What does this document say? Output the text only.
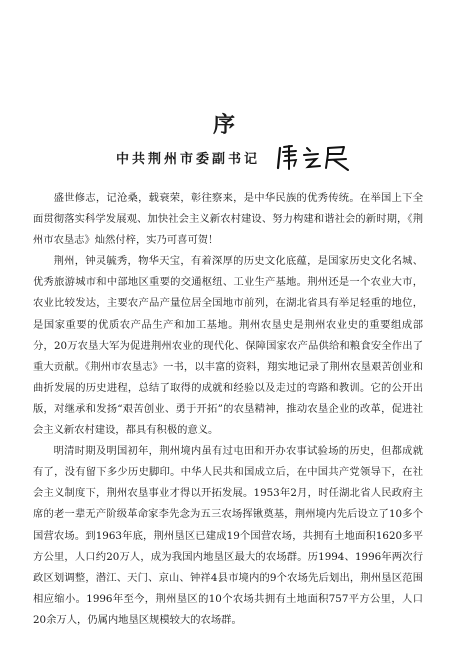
序
中共荆州市委副书记

盛世修志，记沧桑，载衰荣，彰往察来，是中华民族的优秀传统。在举国上下全面贯彻落实科学发展观、加快社会主义新农村建设、努力构建和谐社会的新时期，《荆州市农垦志》灿然付梓，实乃可喜可贺！

荆州，钟灵毓秀，物华天宝，有着深厚的历史文化底蕴，是国家历史文化名城、优秀旅游城市和中部地区重要的交通枢纽、工业生产基地。荆州还是一个农业大市，农业比较发达，主要农产品产量位居全国地市前列，在湖北省具有举足轻重的地位，是国家重要的优质农产品生产和加工基地。荆州农垦史是荆州农业史的重要组成部分，20万农垦大军为促进荆州农业的现代化、保障国家农产品供给和粮食安全作出了重大贡献。《荆州市农垦志》一书，以丰富的资料，翔实地记录了荆州农垦艰苦创业和曲折发展的历史进程，总结了取得的成就和经验以及走过的弯路和教训。它的公开出版，对继承和发扬“艰苦创业、勇于开拓”的农垦精神，推动农垦企业的改革，促进社会主义新农村建设，都具有积极的意义。

明清时期及明国初年，荆州境内虽有过屯田和开办农事试验场的历史，但都成就有了，没有留下多少历史脚印。中华人民共和国成立后，在中国共产党领导下，在社会主义制度下，荆州农垦事业才得以开拓发展。1953年2月，时任湖北省人民政府主席的老一辈无产阶级革命家李先念为五三农场挥锹奠基，荆州境内先后设立了10多个国营农场。到1963年底，荆州垦区已建成19个国营农场，共拥有土地面积1620多平方公里，人口约20万人，成为我国内地垦区最大的农场群。历1994、1996年两次行政区划调整，潜江、天门、京山、钟祥4县市境内的9个农场先后划出，荆州垦区范围相应缩小。1996年至今，荆州垦区的10个农场共拥有土地面积757平方公里，人口20余万人，仍属内地垦区规模较大的农场群。
